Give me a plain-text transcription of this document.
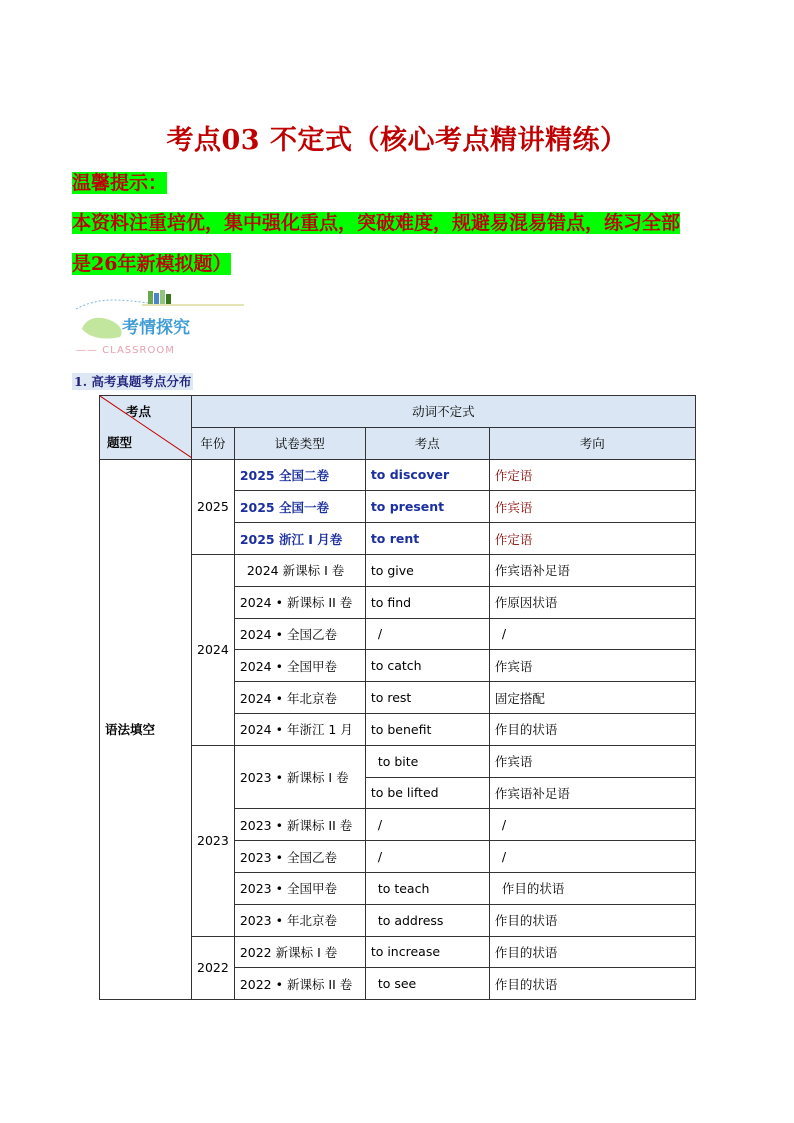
考点03 不定式（核心考点精讲精练）
温馨提示：
本资料注重培优，集中强化重点，突破难度，规避易混易错点，练习全部
是26年新模拟题）
考情探究
—— CLASSROOM
1. 高考真题考点分布
考点
题型	动词不定式			
	年份	试卷类型	考点	考向
语法填空	2025	2025 全国二卷	to discover	作定语
		2025 全国一卷	to present	作宾语
		2025 浙江 I 月卷	to rent	作定语
	2024	2024 新课标 I 卷	to give	作宾语补足语
		2024 • 新课标 II 卷	to find	作原因状语
		2024 • 全国乙卷	/	/
		2024 • 全国甲卷	to catch	作宾语
		2024 • 年北京卷	to rest	固定搭配
		2024 • 年浙江 1 月	to benefit	作目的状语
	2023	2023 • 新课标 I 卷	to bite	作宾语
			to be lifted	作宾语补足语
		2023 • 新课标 II 卷	/	/
		2023 • 全国乙卷	/	/
		2023 • 全国甲卷	to teach	作目的状语
		2023 • 年北京卷	to address	作目的状语
	2022	2022 新课标 I 卷	to increase	作目的状语
		2022 • 新课标 II 卷	to see	作目的状语
